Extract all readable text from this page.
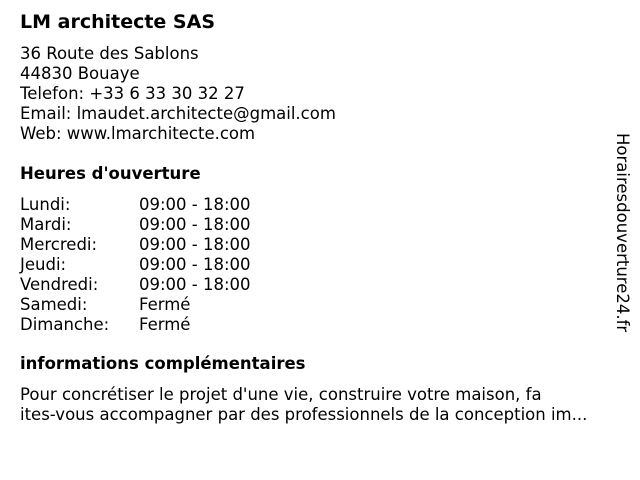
LM architecte SAS
36 Route des Sablons
44830 Bouaye
Telefon: +33 6 33 30 32 27
Email: lmaudet.architecte@gmail.com
Web: www.lmarchitecte.com
Heures d'ouverture
Lundi:	09:00 - 18:00
Mardi:	09:00 - 18:00
Mercredi:	09:00 - 18:00
Jeudi:	09:00 - 18:00
Vendredi:	09:00 - 18:00
Samedi:	Fermé
Dimanche:	Fermé
informations complémentaires
Pour concrétiser le projet d'une vie, construire votre maison, fa
ites-vous accompagner par des professionnels de la conception im...
Horairesdouverture24.fr
